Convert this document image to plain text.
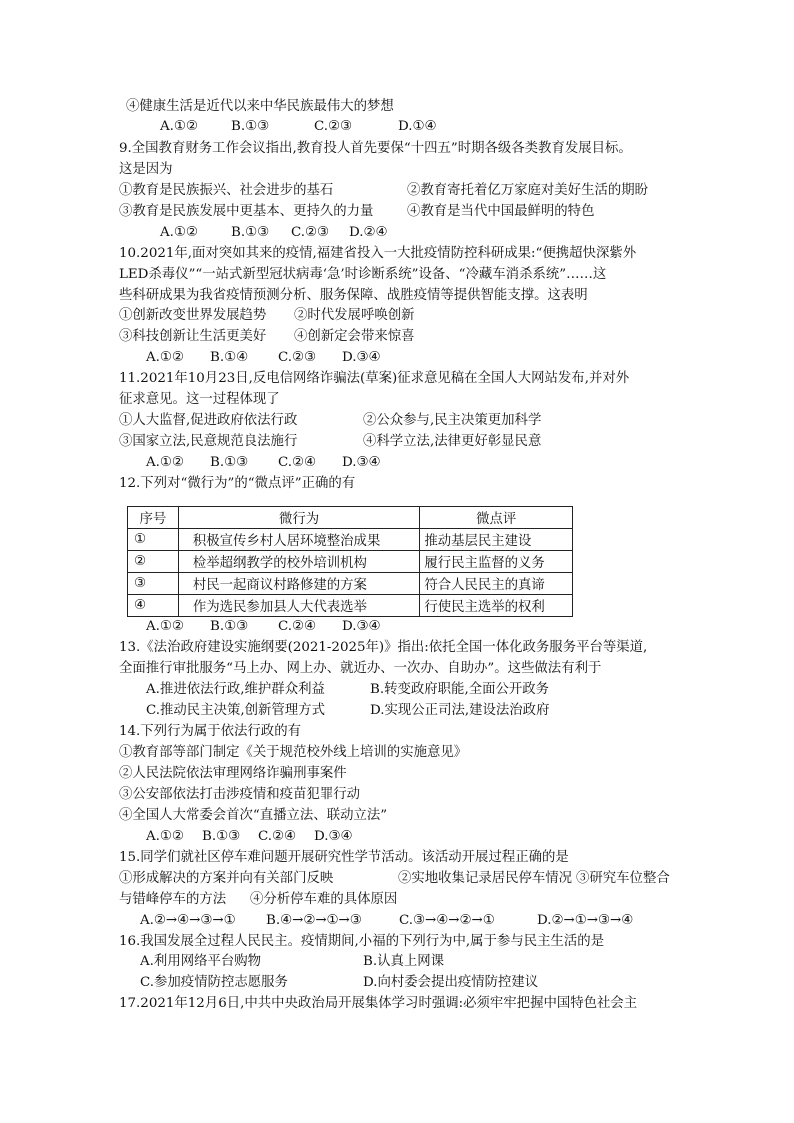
④健康生活是近代以来中华民族最伟大的梦想
A.①② B.①③	C.②③	D.①④
9.全国教育财务工作会议指出,教育投人首先要保“十四五”时期各级各类教育发展目标。
这是因为
①教育是民族振兴、社会进步的基石	②教育寄托着亿万家庭对美好生活的期盼
③教育是民族发展中更基本、更持久的力量	④教育是当代中国最鲜明的特色
A.①② B.①③ C.②③ D.②④
10.2021年,面对突如其来的疫情,福建省投入一大批疫情防控科研成果:“便携超快深紫外
LED杀毒仪”“一站式新型冠状病毒‘急’时诊断系统”设备、“冷藏车消杀系统”……这
些科研成果为我省疫情预测分析、服务保障、战胜疫情等提供智能支撑。这表明
①创新改变世界发展趋势 ②时代发展呼唤创新
③科技创新让生活更美好 ④创新定会带来惊喜
A.①② B.①④ C.②③ D.③④
11.2021年10月23日,反电信网络诈骗法(草案)征求意见稿在全国人大网站发布,并对外
征求意见。这一过程体现了
①人大监督,促进政府依法行政	②公众参与,民主决策更加科学
③国家立法,民意规范良法施行	④科学立法,法律更好彰显民意
A.①② B.①③ C.②④ D.③④
12.下列对“微行为”的“微点评”正确的有
序号	微行为	微点评
①	积极宣传乡村人居环境整治成果	推动基层民主建设
②	检举超纲教学的校外培训机构	履行民主监督的义务
③	村民一起商议村路修建的方案	符合人民民主的真谛
④	作为选民参加县人大代表选举	行使民主选举的权利
A.①② B.①③ C.②④ D.③④
13.《法治政府建设实施纲要(2021-2025年)》指出:依托全国一体化政务服务平台等渠道,
全面推行审批服务“马上办、网上办、就近办、一次办、自助办”。这些做法有利于
A.推进依法行政,维护群众利益	B.转变政府职能,全面公开政务
C.推动民主决策,创新管理方式	D.实现公正司法,建设法治政府
14.下列行为属于依法行政的有
①教育部等部门制定《关于规范校外线上培训的实施意见》
②人民法院依法审理网络诈骗刑事案件
③公安部依法打击涉疫情和疫苗犯罪行动
④全国人大常委会首次“直播立法、联动立法”
A.①② B.①③ C.②④ D.③④
15.同学们就社区停车难问题开展研究性学节活动。该活动开展过程正确的是
①形成解决的方案并向有关部门反映	②实地收集记录居民停车情况 ③研究车位整合
与错峰停车的方法 ④分析停车难的具体原因
A.②→④→③→① B.④→②→①→③	C.③→④→②→①	D.②→①→③→④
16.我国发展全过程人民民主。疫情期间,小福的下列行为中,属于参与民主生活的是
A.利用网络平台购物	B.认真上网课
C.参加疫情防控志愿服务	D.向村委会提出疫情防控建议
17.2021年12月6日,中共中央政治局开展集体学习时强调:必须牢牢把握中国特色社会主
